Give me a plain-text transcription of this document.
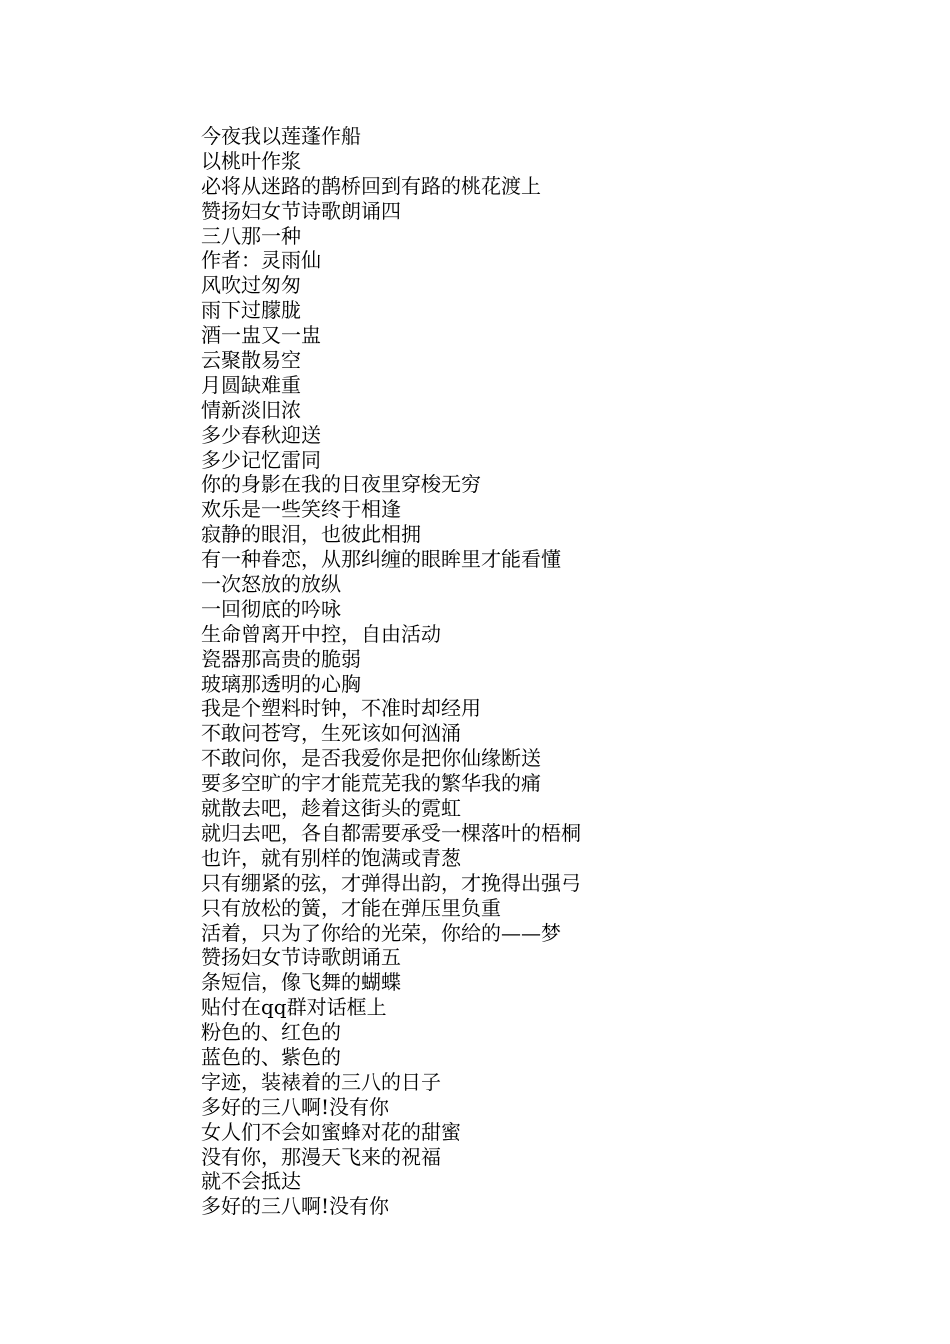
今夜我以莲蓬作船
以桃叶作浆
必将从迷路的鹊桥回到有路的桃花渡上
赞扬妇女节诗歌朗诵四
三八那一种
作者：灵雨仙
风吹过匆匆
雨下过朦胧
酒一盅又一盅
云聚散易空
月圆缺难重
情新淡旧浓
多少春秋迎送
多少记忆雷同
你的身影在我的日夜里穿梭无穷
欢乐是一些笑终于相逢
寂静的眼泪，也彼此相拥
有一种眷恋，从那纠缠的眼眸里才能看懂
一次怒放的放纵
一回彻底的吟咏
生命曾离开中控，自由活动
瓷器那高贵的脆弱
玻璃那透明的心胸
我是个塑料时钟，不准时却经用
不敢问苍穹，生死该如何汹涌
不敢问你，是否我爱你是把你仙缘断送
要多空旷的宇才能荒芜我的繁华我的痛
就散去吧，趁着这街头的霓虹
就归去吧，各自都需要承受一棵落叶的梧桐
也许，就有别样的饱满或青葱
只有绷紧的弦，才弹得出韵，才挽得出强弓
只有放松的簧，才能在弹压里负重
活着，只为了你给的光荣，你给的——梦
赞扬妇女节诗歌朗诵五
条短信，像飞舞的蝴蝶
贴付在qq群对话框上
粉色的、红色的
蓝色的、紫色的
字迹，装裱着的三八的日子
多好的三八啊!没有你
女人们不会如蜜蜂对花的甜蜜
没有你，那漫天飞来的祝福
就不会抵达
多好的三八啊!没有你
